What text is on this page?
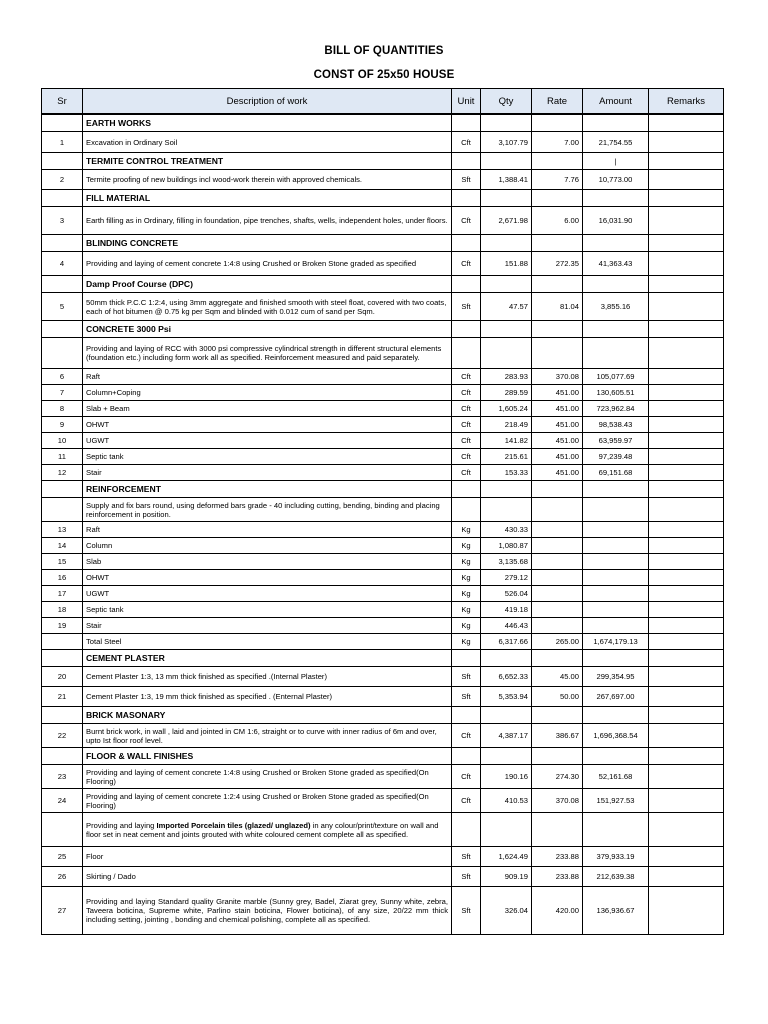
BILL OF QUANTITIES
CONST OF 25x50 HOUSE
Sr	Description of work	Unit	Qty	Rate	Amount	Remarks
	EARTH WORKS					
1	Excavation in Ordinary Soil	Cft	3,107.79	7.00	21,754.55	
	TERMITE CONTROL TREATMENT				|	
2	Termite proofing of new buildings incl wood-work therein with approved chemicals.	Sft	1,388.41	7.76	10,773.00	
	FILL MATERIAL					
3	Earth filling as in Ordinary, filling in foundation, pipe trenches, shafts, wells, independent holes, under floors.	Cft	2,671.98	6.00	16,031.90	
	BLINDING CONCRETE					
4	Providing and laying of cement concrete 1:4:8 using Crushed or Broken Stone graded as specified	Cft	151.88	272.35	41,363.43	
	Damp Proof Course (DPC)					
5	50mm thick P.C.C 1:2:4, using 3mm aggregate and finished smooth with steel float, covered with two coats, each of hot bitumen @ 0.75 kg per Sqm and blinded with 0.012 cum of sand per Sqm.	Sft	47.57	81.04	3,855.16	
	CONCRETE 3000 Psi					
	Providing and laying of RCC with 3000 psi compressive cylindrical strength in different structural elements (foundation etc.) including form work all as specified. Reinforcement measured and paid separately.					
6	Raft	Cft	283.93	370.08	105,077.69	
7	Column+Coping	Cft	289.59	451.00	130,605.51	
8	Slab + Beam	Cft	1,605.24	451.00	723,962.84	
9	OHWT	Cft	218.49	451.00	98,538.43	
10	UGWT	Cft	141.82	451.00	63,959.97	
11	Septic tank	Cft	215.61	451.00	97,239.48	
12	Stair	Cft	153.33	451.00	69,151.68	
	REINFORCEMENT					
	Supply and fix bars round, using deformed bars grade - 40 including cutting, bending, binding and placing reinforcement in position.					
13	Raft	Kg	430.33			
14	Column	Kg	1,080.87			
15	Slab	Kg	3,135.68			
16	OHWT	Kg	279.12			
17	UGWT	Kg	526.04			
18	Septic tank	Kg	419.18			
19	Stair	Kg	446.43			
	Total Steel	Kg	6,317.66	265.00	1,674,179.13	
	CEMENT PLASTER					
20	Cement Plaster 1:3, 13 mm thick finished as specified .(Internal Plaster)	Sft	6,652.33	45.00	299,354.95	
21	Cement Plaster 1:3, 19 mm thick finished as specified . (Enternal Plaster)	Sft	5,353.94	50.00	267,697.00	
	BRICK MASONARY					
22	Burnt brick work, in wall , laid and jointed in CM 1:6, straight or to curve with inner radius of 6m and over, upto Ist floor roof level.	Cft	4,387.17	386.67	1,696,368.54	
	FLOOR & WALL FINISHES					
23	Providing and laying of cement concrete 1:4:8 using Crushed or Broken Stone graded as specified(On Flooring)	Cft	190.16	274.30	52,161.68	
24	Providing and laying of cement concrete 1:2:4 using Crushed or Broken Stone graded as specified(On Flooring)	Cft	410.53	370.08	151,927.53	
	Providing and laying Imported Porcelain tiles (glazed/ unglazed) in any colour/print/texture on wall and floor set in neat cement and joints grouted with white coloured cement complete all as specified.					
25	Floor	Sft	1,624.49	233.88	379,933.19	
26	Skirting / Dado	Sft	909.19	233.88	212,639.38	
27	Providing and laying Standard quality Granite marble (Sunny grey, Badel, Ziarat grey, Sunny white, zebra, Taveera boticina, Supreme white, Parlino stain boticina, Flower boticina), of any size, 20/22 mm thick including setting, jointing , bonding and chemical polishing, complete all as specified.	Sft	326.04	420.00	136,936.67	
